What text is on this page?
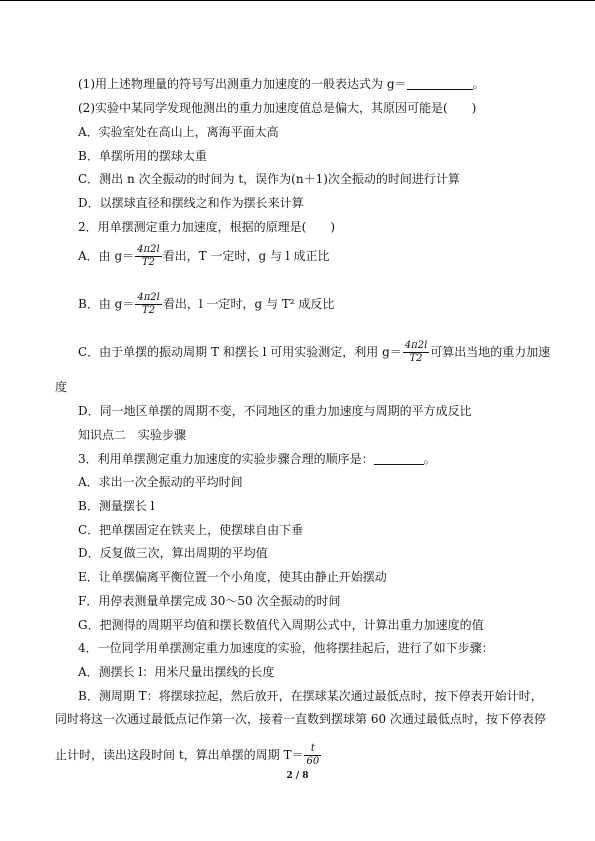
(1)用上述物理量的符号写出测重力加速度的一般表达式为 g＝	。
(2)实验中某同学发现他测出的重力加速度值总是偏大，其原因可能是(　　)
A．实验室处在高山上，离海平面太高
B．单摆所用的摆球太重
C．测出 n 次全振动的时间为 t，误作为(n＋1)次全振动的时间进行计算
D．以摆球直径和摆线之和作为摆长来计算
2．用单摆测定重力加速度，根据的原理是(　　)
A．由 $g= \frac{4\pi 2l}{T2}$ 看出，T 一定时，g 与 l 成正比
B．由 $g= \frac{4\pi 2l}{T2}$ 看出，l 一定时，g 与 T² 成反比
C．由于单摆的振动周期 T 和摆长 l 可用实验测定，利用 $g= \frac{4\pi 2l}{T2}$ 可算出当地的重力加速
度
D．同一地区单摆的周期不变，不同地区的重力加速度与周期的平方成反比
知识点二　实验步骤
3．利用单摆测定重力加速度的实验步骤合理的顺序是：	。
A．求出一次全振动的平均时间
B．测量摆长 l
C．把单摆固定在铁夹上，使摆球自由下垂
D．反复做三次，算出周期的平均值
E．让单摆偏离平衡位置一个小角度，使其由静止开始摆动
F．用停表测量单摆完成 30～50 次全振动的时间
G．把测得的周期平均值和摆长数值代入周期公式中，计算出重力加速度的值
4．一位同学用单摆测定重力加速度的实验，他将摆挂起后，进行了如下步骤：
A．测摆长 l：用米尺量出摆线的长度
B．测周期 T：将摆球拉起，然后放开，在摆球某次通过最低点时，按下停表开始计时，
同时将这一次通过最低点记作第一次，接着一直数到摆球第 60 次通过最低点时，按下停表停
止计时，读出这段时间 t，算出单摆的周期 $T= \frac{t}{60}$
2 / 8
